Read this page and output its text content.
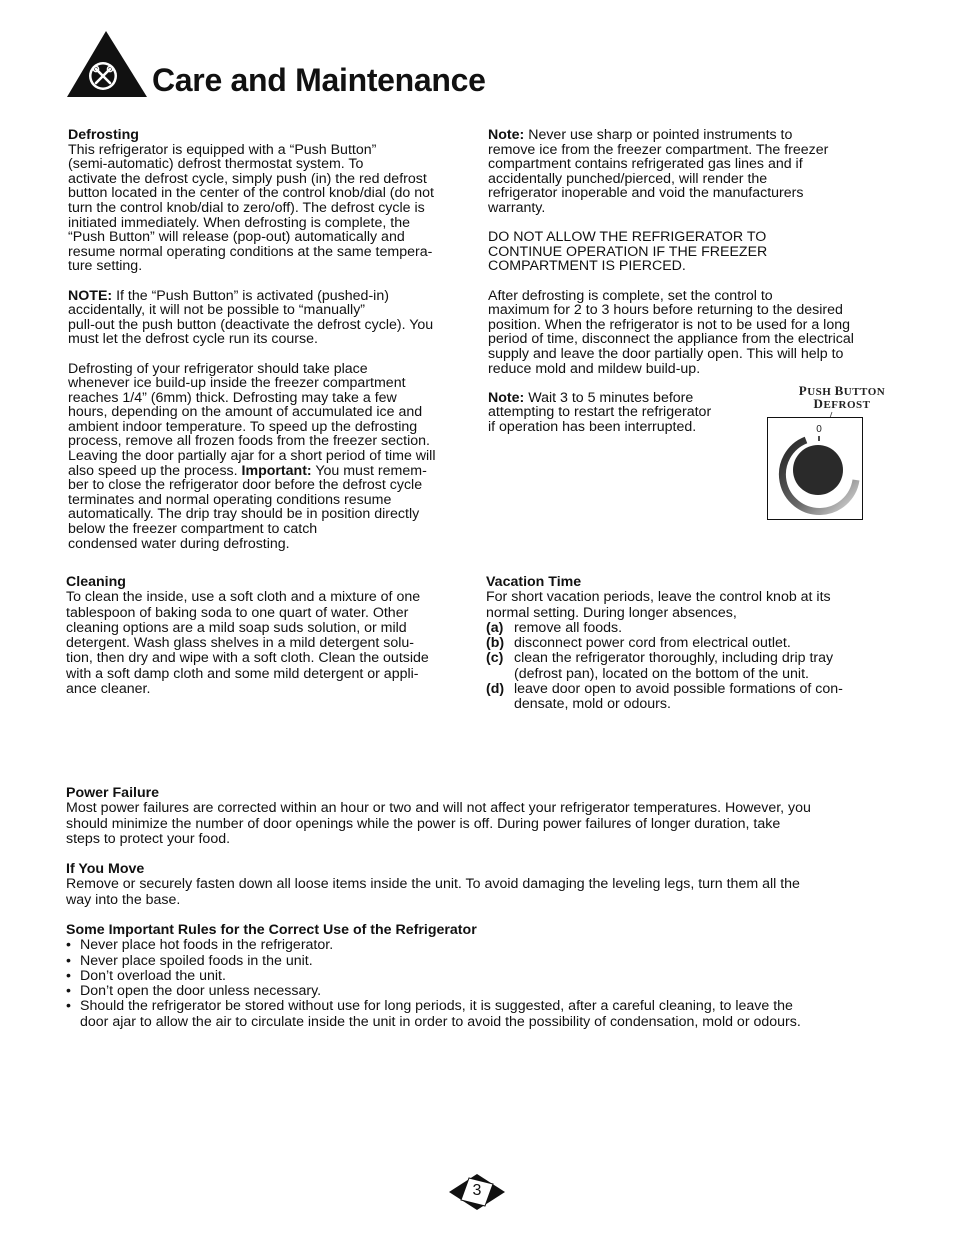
Care and Maintenance

Defrosting

This refrigerator is equipped with a “Push Button”

(semi-automatic) defrost thermostat system. To

activate the defrost cycle, simply push (in) the red defrost

button located in the center of the control knob/dial (do not

turn the control knob/dial to zero/off). The defrost cycle is

initiated immediately. When defrosting is complete, the

“Push Button” will release (pop-out) automatically and

resume normal operating conditions at the same tempera-

ture setting.

NOTE: If the “Push Button” is activated (pushed-in)

accidentally, it will not be possible to “manually”

pull-out the push button (deactivate the defrost cycle). You

must let the defrost cycle run its course.

Defrosting of your refrigerator should take place

whenever ice build-up inside the freezer compartment

reaches 1/4” (6mm) thick. Defrosting may take a few

hours, depending on the amount of accumulated ice and

ambient indoor temperature. To speed up the defrosting

process, remove all frozen foods from the freezer section.

Leaving the door partially ajar for a short period of time will

also speed up the process. Important: You must remem-

ber to close the refrigerator door before the defrost cycle

terminates and normal operating conditions resume

automatically. The drip tray should be in position directly

below the freezer compartment to catch

condensed water during defrosting.

Note: Never use sharp or pointed instruments to

remove ice from the freezer compartment. The freezer

compartment contains refrigerated gas lines and if

accidentally punched/pierced, will render the

refrigerator inoperable and void the manufacturers

warranty.

DO NOT ALLOW THE REFRIGERATOR TO

CONTINUE OPERATION IF THE FREEZER

COMPARTMENT IS PIERCED.

After defrosting is complete, set the control to

maximum for 2 to 3 hours before returning to the desired

position. When the refrigerator is not to be used for a long

period of time, disconnect the appliance from the electrical

supply and leave the door partially open. This will help to

reduce mold and mildew build-up.

Note: Wait 3 to 5 minutes before

attempting to restart the refrigerator

if operation has been interrupted.

PUSH BUTTON
DEFROST
0

Cleaning

To clean the inside, use a soft cloth and a mixture of one

tablespoon of baking soda to one quart of water. Other

cleaning options are a mild soap suds solution, or mild

detergent. Wash glass shelves in a mild detergent solu-

tion, then dry and wipe with a soft cloth. Clean the outside

with a soft damp cloth and some mild detergent or appli-

ance cleaner.

Vacation Time

For short vacation periods, leave the control knob at its

normal setting. During longer absences,

(a) remove all foods.

(b) disconnect power cord from electrical outlet.

(c) clean the refrigerator thoroughly, including drip tray

(defrost pan), located on the bottom of the unit.

(d) leave door open to avoid possible formations of con-

densate, mold or odours.

Power Failure

Most power failures are corrected within an hour or two and will not affect your refrigerator temperatures. However, you

should minimize the number of door openings while the power is off. During power failures of longer duration, take

steps to protect your food.

If You Move

Remove or securely fasten down all loose items inside the unit. To avoid damaging the leveling legs, turn them all the

way into the base.

Some Important Rules for the Correct Use of the Refrigerator

• Never place hot foods in the refrigerator.

• Never place spoiled foods in the unit.

• Don’t overload the unit.

• Don’t open the door unless necessary.

• Should the refrigerator be stored without use for long periods, it is suggested, after a careful cleaning, to leave the

door ajar to allow the air to circulate inside the unit in order to avoid the possibility of condensation, mold or odours.

3
